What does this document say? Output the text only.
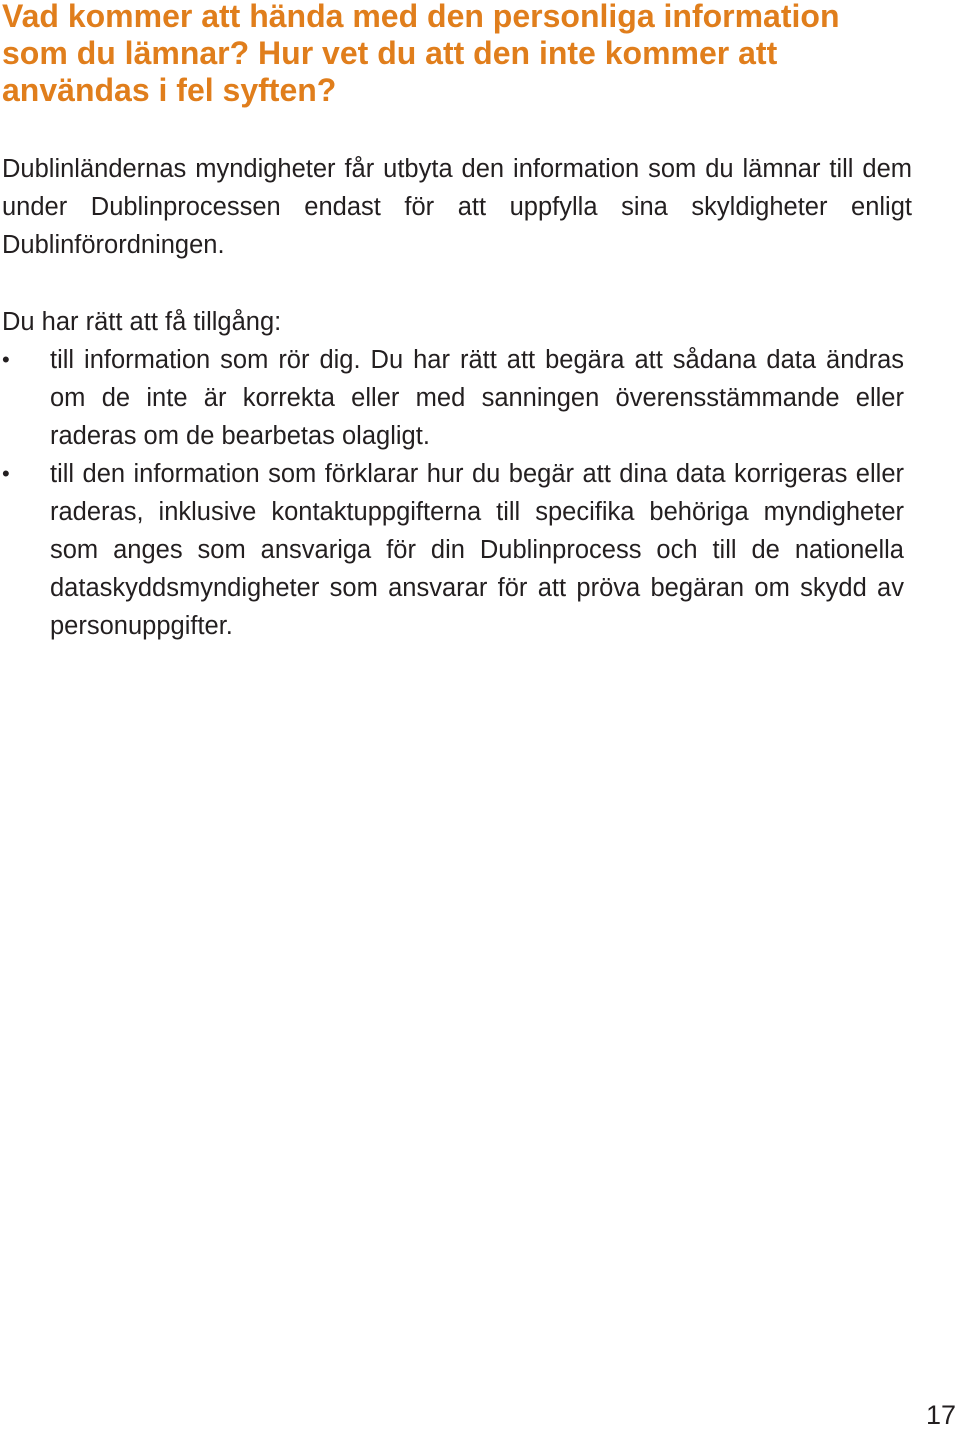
Vad kommer att hända med den personliga information som du lämnar? Hur vet du att den inte kommer att användas i fel syften?

Dublinländernas myndigheter får utbyta den information som du lämnar till dem under Dublinprocessen endast för att uppfylla sina skyldigheter enligt Dublinförordningen.

Du har rätt att få tillgång:

•	till information som rör dig. Du har rätt att begära att sådana data ändras om de inte är korrekta eller med sanningen överensstämmande eller raderas om de bearbetas olagligt.
•	till den information som förklarar hur du begär att dina data korrigeras eller raderas, inklusive kontaktuppgifterna till specifika behöriga myndigheter som anges som ansvariga för din Dublinprocess och till de nationella dataskyddsmyndigheter som ansvarar för att pröva begäran om skydd av personuppgifter.
17
